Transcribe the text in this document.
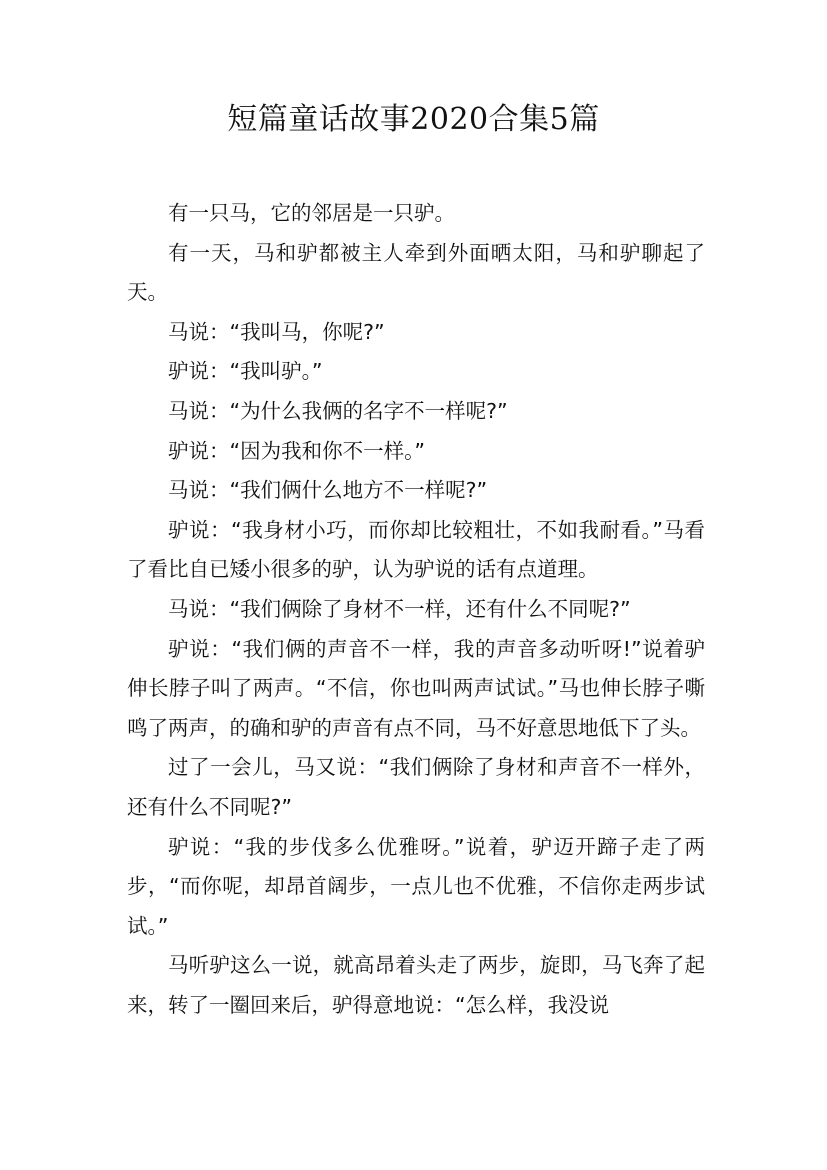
短篇童话故事2020合集5篇

有一只马，它的邻居是一只驴。

有一天，马和驴都被主人牵到外面晒太阳，马和驴聊起了天。

马说：“我叫马，你呢?”

驴说：“我叫驴。”

马说：“为什么我俩的名字不一样呢?”

驴说：“因为我和你不一样。”

马说：“我们俩什么地方不一样呢?”

驴说：“我身材小巧，而你却比较粗壮，不如我耐看。”马看了看比自已矮小很多的驴，认为驴说的话有点道理。

马说：“我们俩除了身材不一样，还有什么不同呢?”

驴说：“我们俩的声音不一样，我的声音多动听呀!”说着驴伸长脖子叫了两声。“不信，你也叫两声试试。”马也伸长脖子嘶鸣了两声，的确和驴的声音有点不同，马不好意思地低下了头。

过了一会儿，马又说：“我们俩除了身材和声音不一样外，还有什么不同呢?”

驴说：“我的步伐多么优雅呀。”说着，驴迈开蹄子走了两步，“而你呢，却昂首阔步，一点儿也不优雅，不信你走两步试试。”

马听驴这么一说，就高昂着头走了两步，旋即，马飞奔了起来，转了一圈回来后，驴得意地说：“怎么样，我没说
